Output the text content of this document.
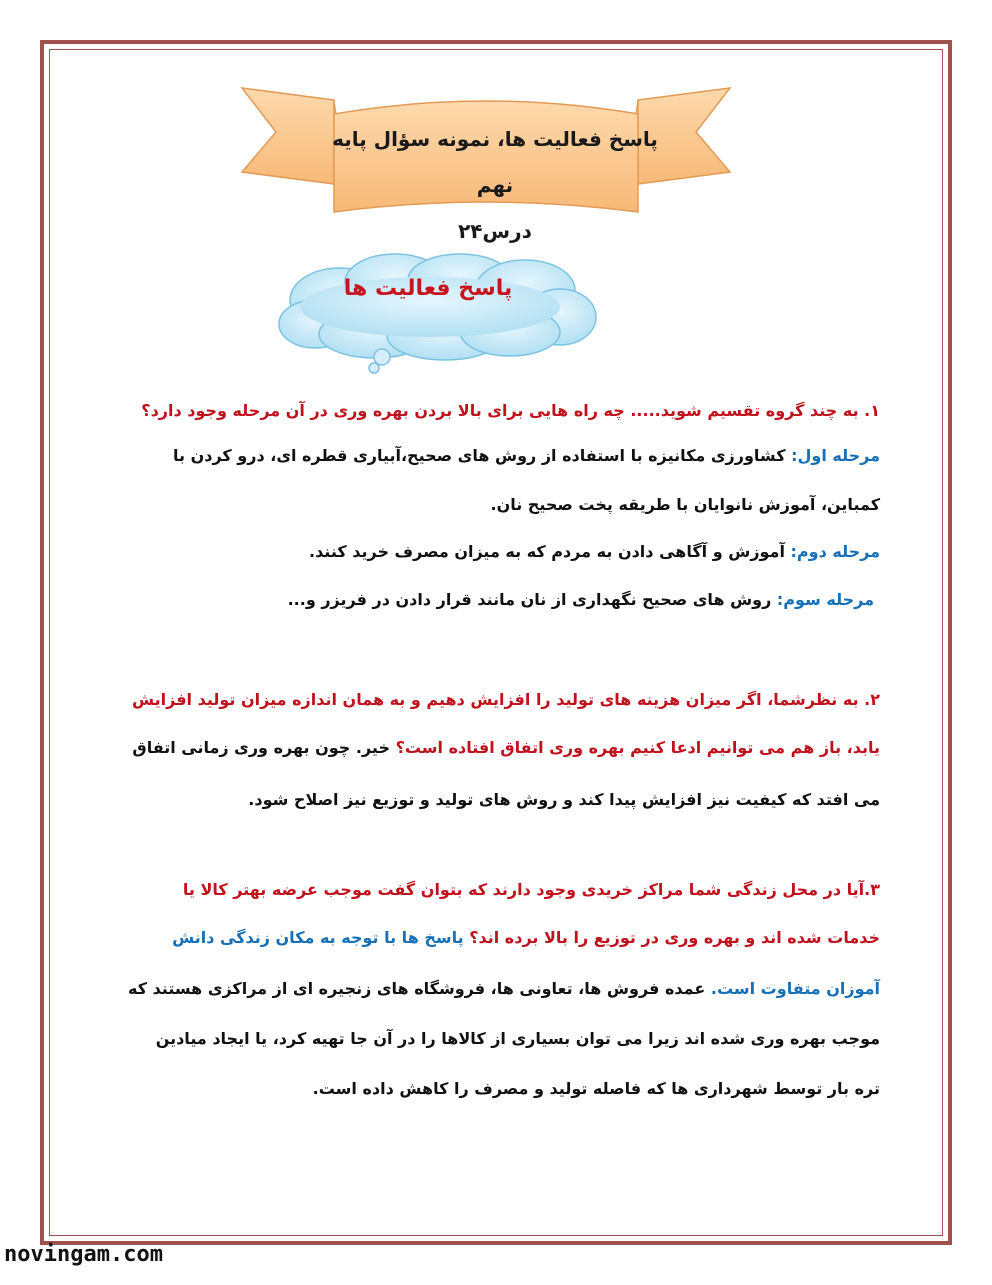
پاسخ فعالیت ها، نمونه سؤال پایه نهم
درس۲۴
پاسخ فعالیت ها

۱. به چند گروه تقسیم شوید..... چه راه هایی برای بالا بردن بهره وری در آن مرحله وجود دارد؟

مرحله اول: کشاورزی مکانیزه با استفاده از روش های صحیح،آبیاری قطره ای، درو کردن با

کمباین، آموزش نانوایان با طریقه پخت صحیح نان.

مرحله دوم: آموزش و آگاهی دادن به مردم که به میزان مصرف خرید کنند.

مرحله سوم: روش های صحیح نگهداری از نان مانند قرار دادن در فریزر و...

۲. به نظرشما، اگر میزان هزینه های تولید را افزایش دهیم و به همان اندازه میزان تولید افزایش

یابد، باز هم می توانیم ادعا کنیم بهره وری اتفاق افتاده است؟ خیر. چون بهره وری زمانی اتفاق

می افتد که کیفیت نیز افزایش پیدا کند و روش های تولید و توزیع نیز اصلاح شود.

۳.آیا در محل زندگی شما مراکز خریدی وجود دارند که بتوان گفت موجب عرضه بهتر کالا یا

خدمات شده اند و بهره وری در توزیع را بالا برده اند؟ پاسخ ها با توجه به مکان زندگی دانش

آموزان متفاوت است. عمده فروش ها، تعاونی ها، فروشگاه های زنجیره ای از مراکزی هستند که

موجب بهره وری شده اند زیرا می توان بسیاری از کالاها را در آن جا تهیه کرد، یا ایجاد میادین

تره بار توسط شهرداری ها که فاصله تولید و مصرف را کاهش داده است.

novingam.com
